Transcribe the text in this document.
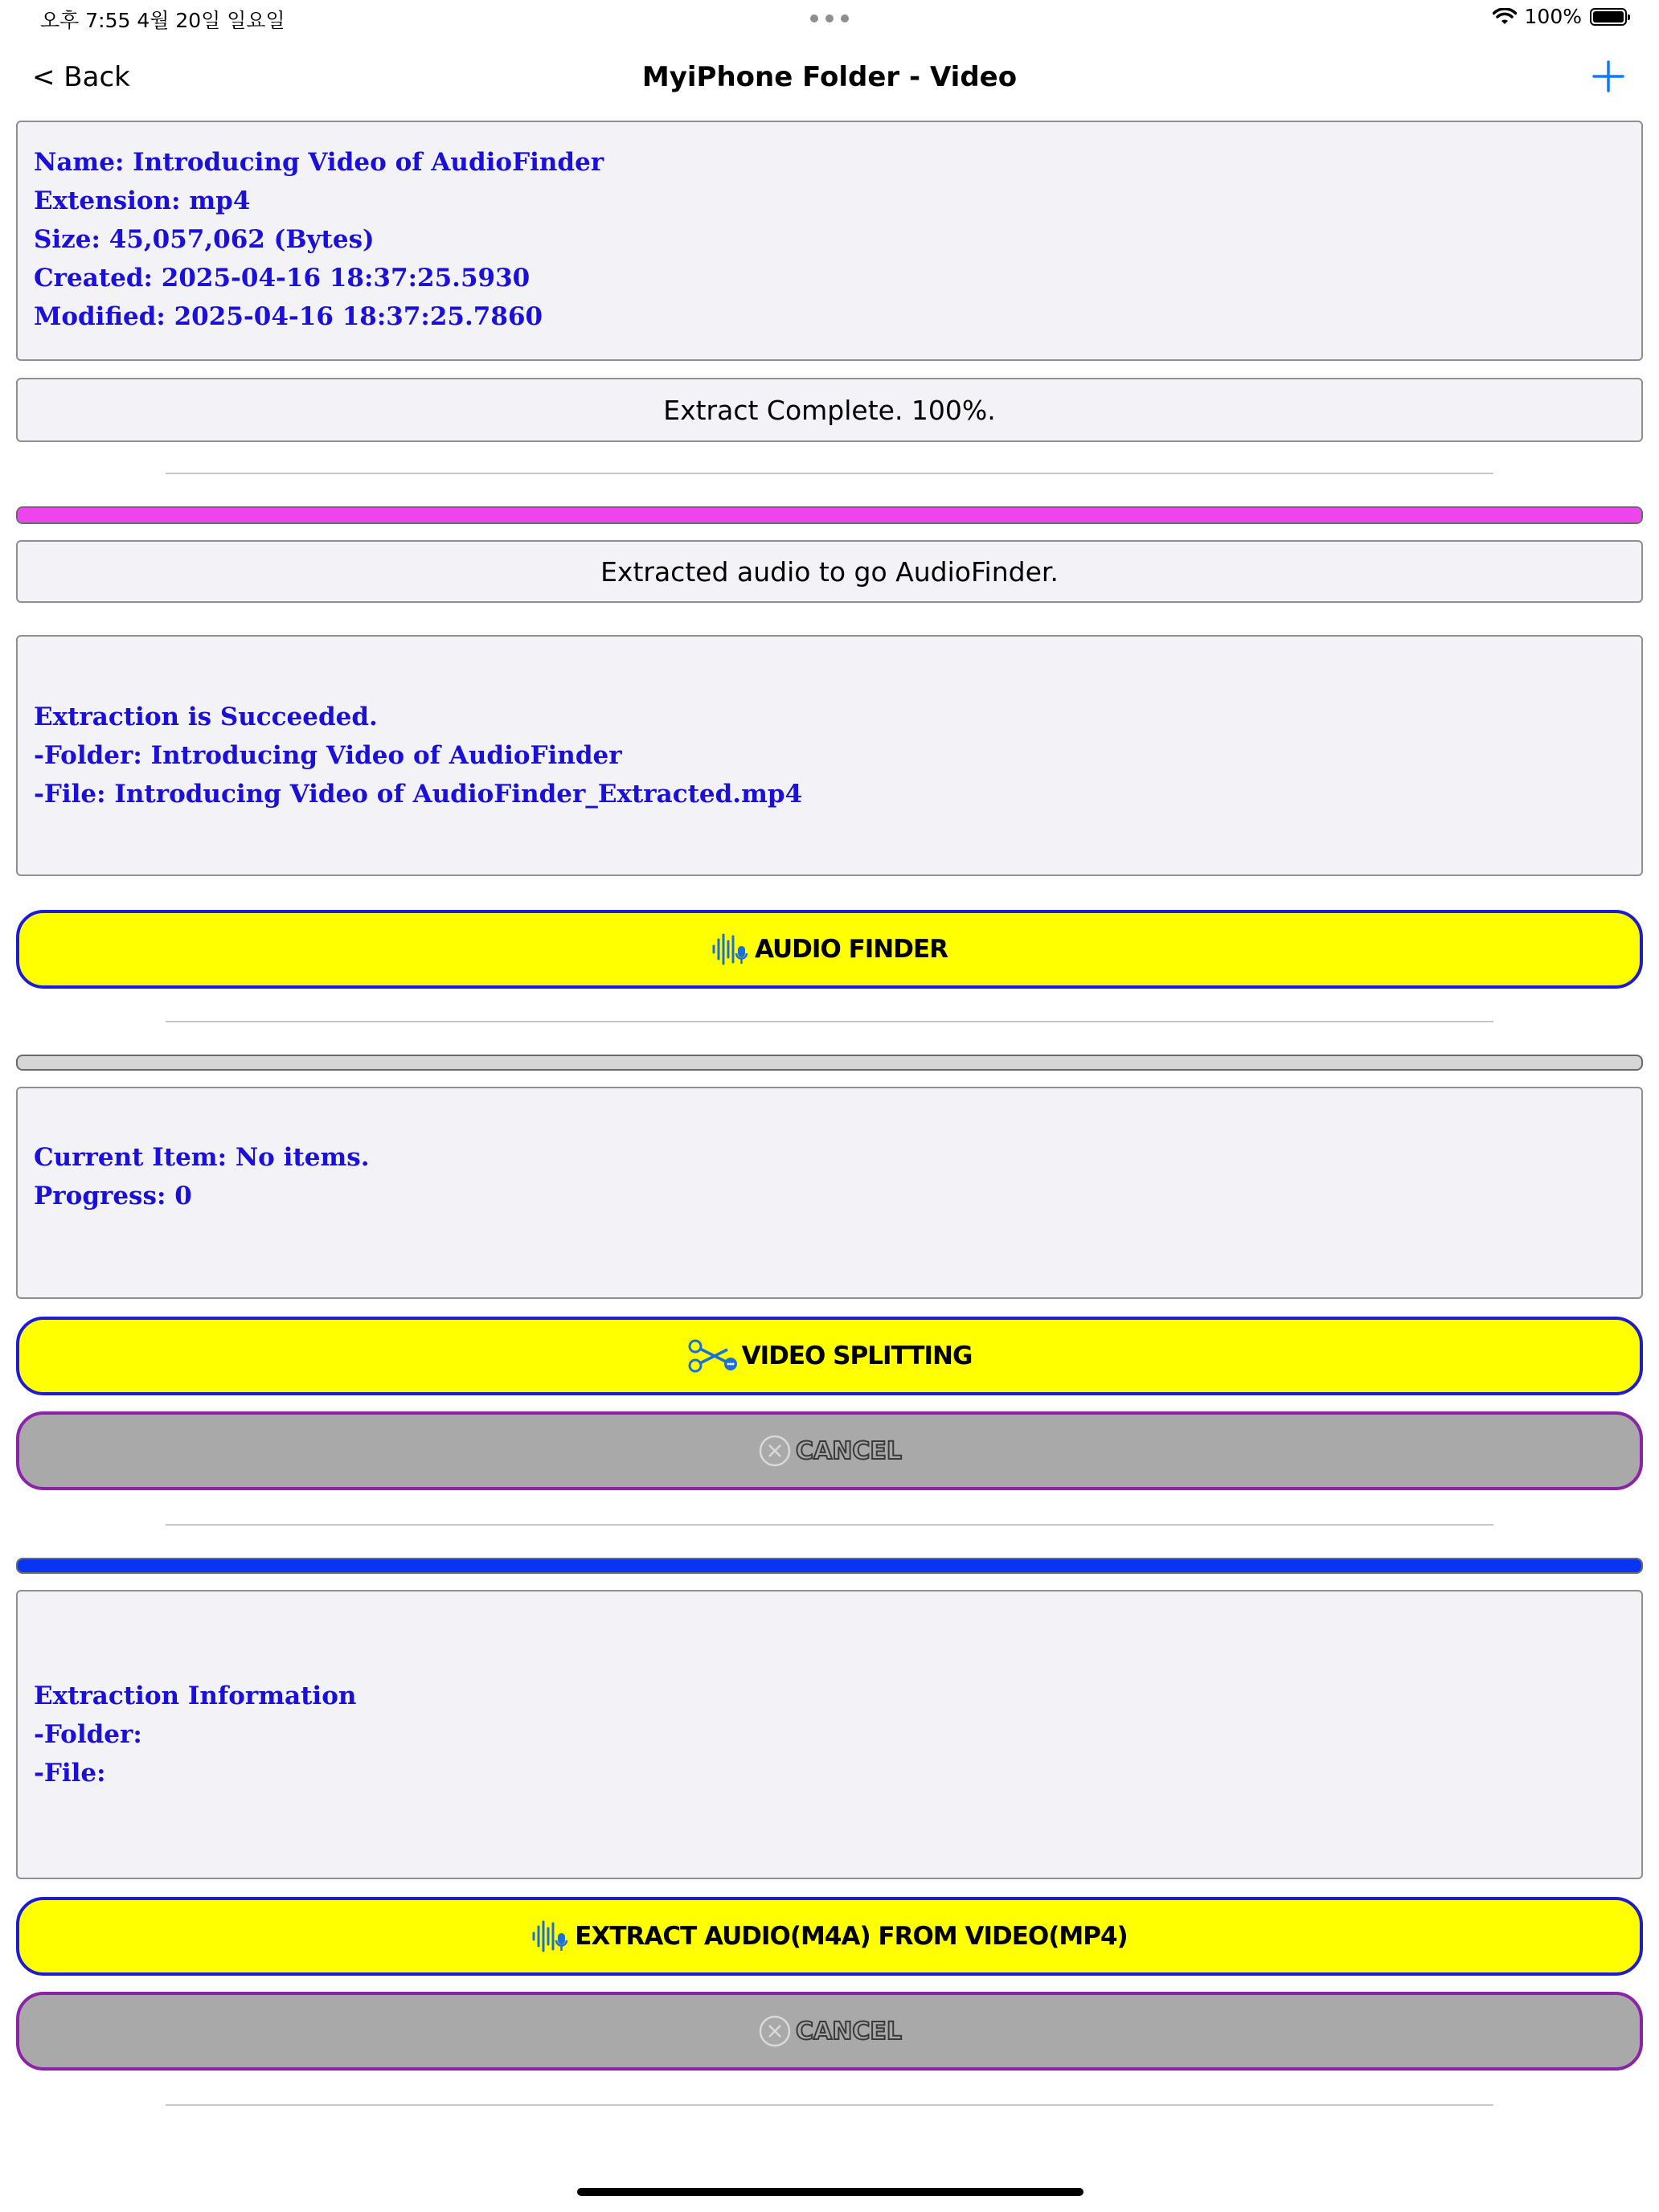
오후 7:55 4월 20일 일요일	100%
< Back	MyiPhone Folder - Video
Name: Introducing Video of AudioFinder
Extension: mp4
Size: 45,057,062 (Bytes)
Created: 2025-04-16 18:37:25.5930
Modified: 2025-04-16 18:37:25.7860
Extract Complete. 100%.
Extracted audio to go AudioFinder.
Extraction is Succeeded.
-Folder: Introducing Video of AudioFinder
-File: Introducing Video of AudioFinder_Extracted.mp4
AUDIO FINDER
Current Item: No items.
Progress: 0
VIDEO SPLITTING
CANCEL
Extraction Information
-Folder:
-File:
EXTRACT AUDIO(M4A) FROM VIDEO(MP4)
CANCEL
